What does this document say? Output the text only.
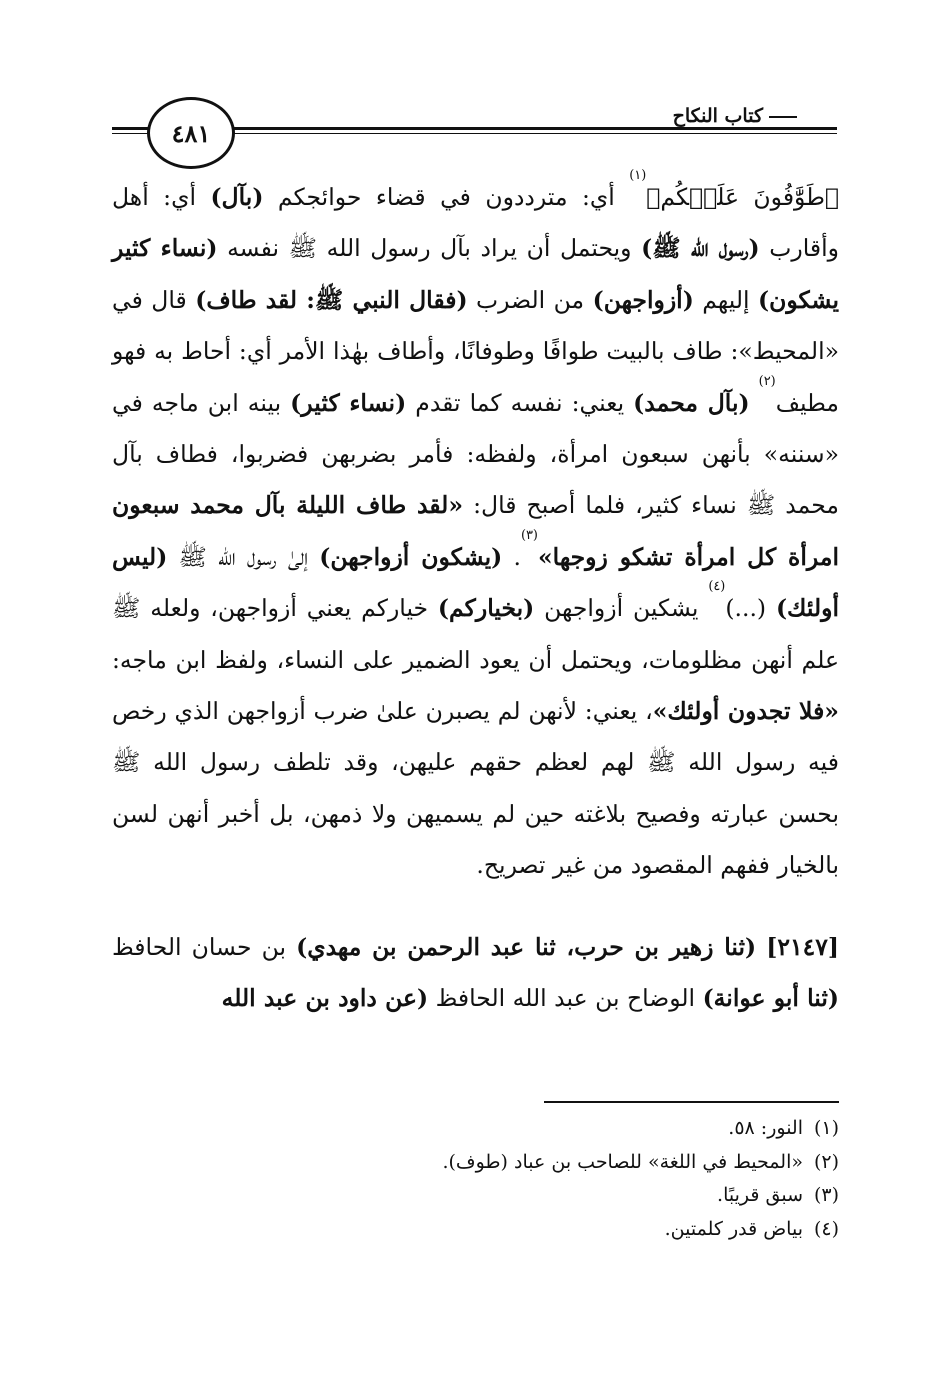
كتاب النكاح
٤٨١

﴿طَوَّٰفُونَ عَلَيۡكُم﴾$^{(١)}$ أي: مترددون في قضاء حوائجكم (بآل) أي: أهل وأقارب (رسول الله ﷺ) ويحتمل أن يراد بآل رسول الله ﷺ نفسه (نساء كثير يشكون) إليهم (أزواجهن) من الضرب (فقال النبي ﷺ: لقد طاف) قال في «المحيط»: طاف بالبيت طوافًا وطوفانًا، وأطاف بهٰذا الأمر أي: أحاط به فهو مطيف$^{(٢)}$ (بآل محمد) يعني: نفسه كما تقدم (نساء كثير) بينه ابن ماجه في «سننه» بأنهن سبعون امرأة، ولفظه: فأمر بضربهن فضربوا، فطاف بآل محمد ﷺ نساء كثير، فلما أصبح قال: «لقد طاف الليلة بآل محمد سبعون امرأة كل امرأة تشكو زوجها»$^{(٣)}$. (يشكون أزواجهن) إلىٰ رسول الله ﷺ (ليس أولئك) (...)$^{(٤)}$ يشكين أزواجهن (بخياركم) خياركم يعني أزواجهن، ولعله ﷺ علم أنهن مظلومات، ويحتمل أن يعود الضمير على النساء، ولفظ ابن ماجه: «فلا تجدون أولئك»، يعني: لأنهن لم يصبرن علىٰ ضرب أزواجهن الذي رخص فيه رسول الله ﷺ لهم لعظم حقهم عليهن، وقد تلطف رسول الله ﷺ بحسن عبارته وفصيح بلاغته حين لم يسميهن ولا ذمهن، بل أخبر أنهن لسن بالخيار ففهم المقصود من غير تصريح.

[٢١٤٧] (ثنا زهير بن حرب، ثنا عبد الرحمن بن مهدي) بن حسان الحافظ (ثنا أبو عوانة) الوضاح بن عبد الله الحافظ (عن داود بن عبد الله

(١)النور: ٥٨.
(٢)«المحيط في اللغة» للصاحب بن عباد (طوف).
(٣)سبق قريبًا.
(٤)بياض قدر كلمتين.
